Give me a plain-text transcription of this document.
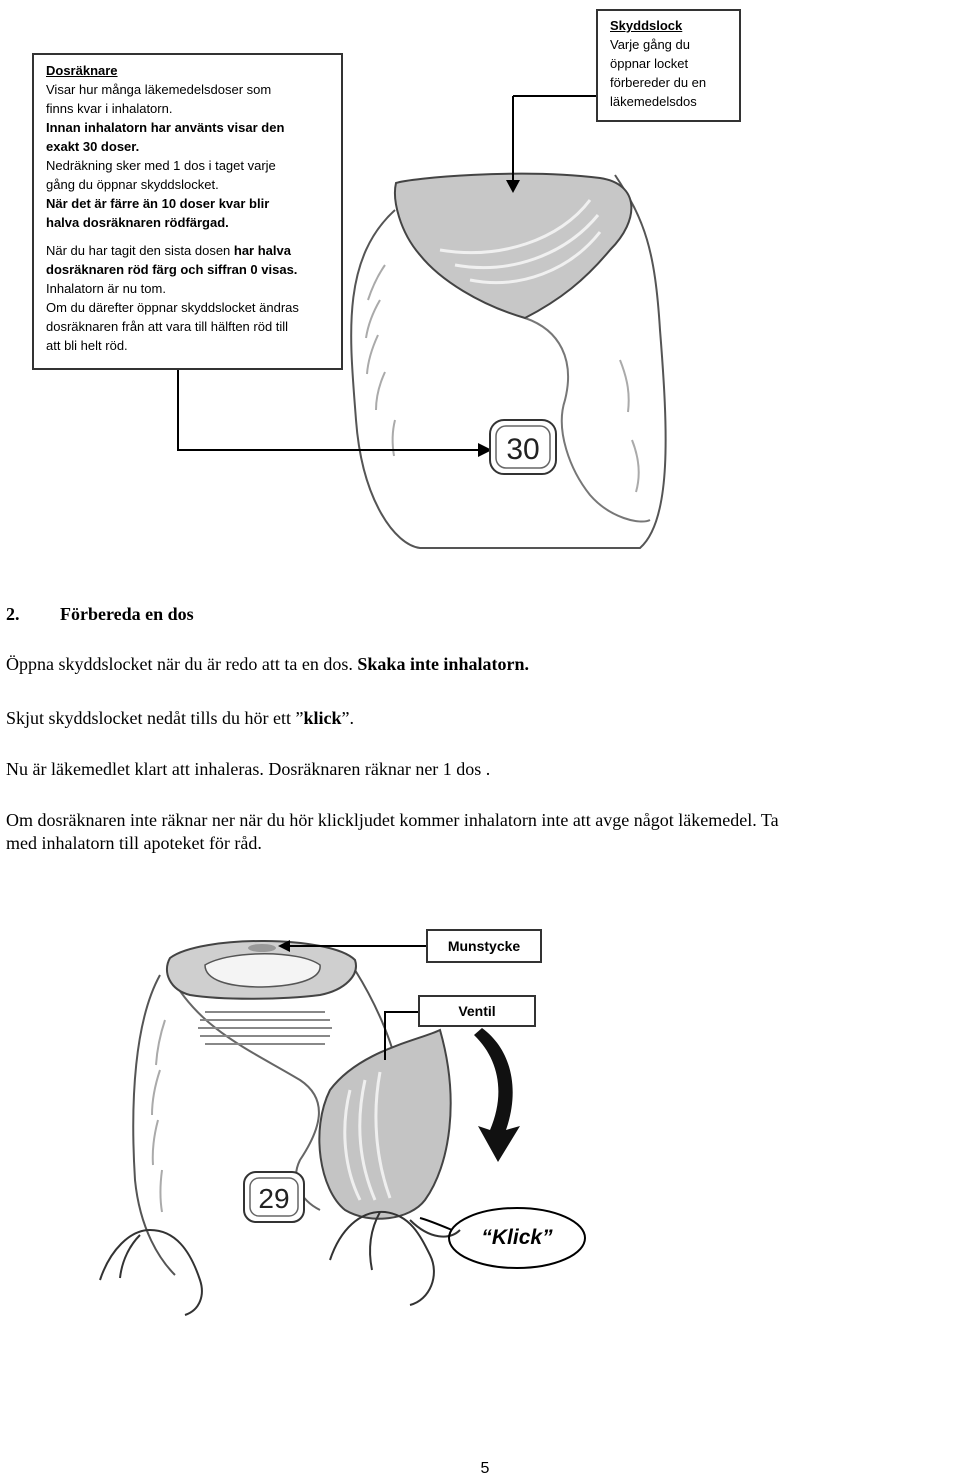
30

Dosräknare

Visar hur många läkemedelsdoser som

finns kvar i inhalatorn.

Innan inhalatorn har använts visar den

exakt 30 doser.

Nedräkning sker med 1 dos i taget varje

gång du öppnar skyddslocket.

När det är färre än 10 doser kvar blir

halva dosräknaren rödfärgad.

När du har tagit den sista dosen har halva dosräknaren röd färg och siffran 0 visas.

Inhalatorn är nu tom.

Om du därefter öppnar skyddslocket ändras

dosräknaren från att vara till hälften röd till

att bli helt röd.

Skyddslock

Varje gång du

öppnar locket

förbereder du en

läkemedelsdos

2. Förbereda en dos
Öppna skyddslocket när du är redo att ta en dos. Skaka inte inhalatorn.
Skjut skyddslocket nedåt tills du hör ett ”klick”.
Nu är läkemedlet klart att inhaleras. Dosräknaren räknar ner 1 dos .
Om dosräknaren inte räknar ner när du hör klickljudet kommer inhalatorn inte att avge något läkemedel. Ta
med inhalatorn till apoteket för råd.
29
Munstycke
Ventil
“Klick”
5
